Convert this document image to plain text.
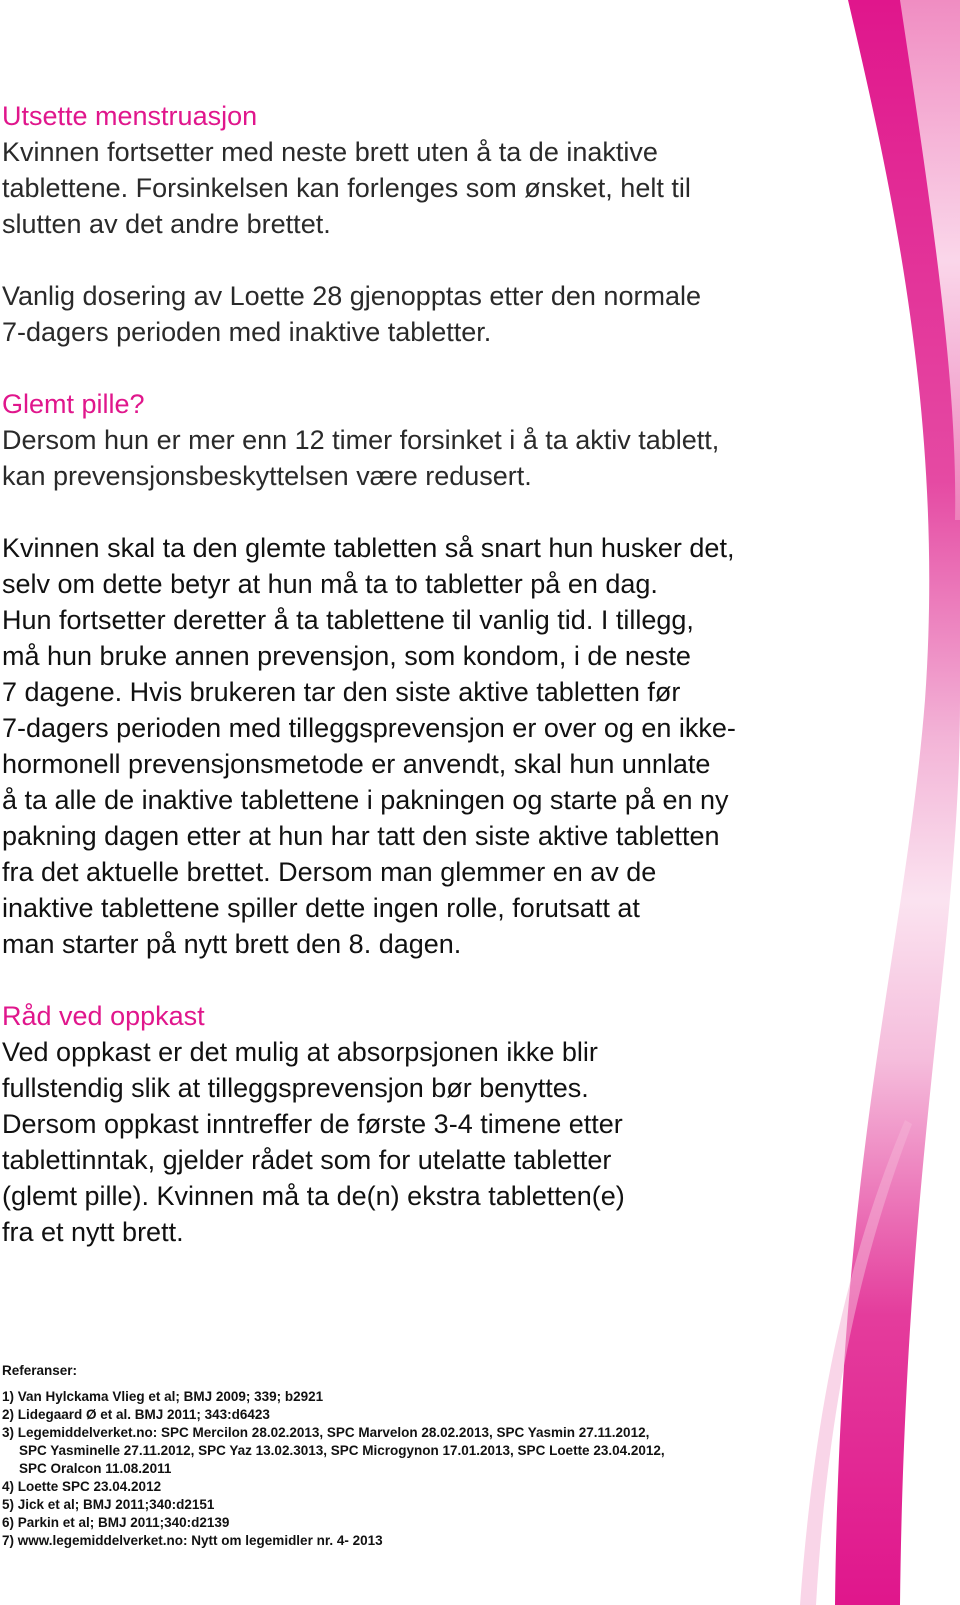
Utsette menstruasjon

Kvinnen fortsetter med neste brett uten å ta de inaktive
tablettene. Forsinkelsen kan forlenges som ønsket, helt til
slutten av det andre brettet.

Vanlig dosering av Loette 28 gjenopptas etter den normale
7-dagers perioden med inaktive tabletter.

Glemt pille?

Dersom hun er mer enn 12 timer forsinket i å ta aktiv tablett,
kan prevensjonsbeskyttelsen være redusert.

Kvinnen skal ta den glemte tabletten så snart hun husker det,
selv om dette betyr at hun må ta to tabletter på en dag.
Hun fortsetter deretter å ta tablettene til vanlig tid. I tillegg,
må hun bruke annen prevensjon, som kondom, i de neste
7 dagene. Hvis brukeren tar den siste aktive tabletten før
7-dagers perioden med tilleggsprevensjon er over og en ikke-
hormonell prevensjonsmetode er anvendt, skal hun unnlate
å ta alle de inaktive tablettene i pakningen og starte på en ny
pakning dagen etter at hun har tatt den siste aktive tabletten
fra det aktuelle brettet. Dersom man glemmer en av de
inaktive tablettene spiller dette ingen rolle, forutsatt at
man starter på nytt brett den 8. dagen.

Råd ved oppkast

Ved oppkast er det mulig at absorpsjonen ikke blir
fullstendig slik at tilleggsprevensjon bør benyttes.
Dersom oppkast inntreffer de første 3-4 timene etter
tablettinntak, gjelder rådet som for utelatte tabletter
(glemt pille). Kvinnen må ta de(n) ekstra tabletten(e)
fra et nytt brett.

Referanser:

1) Van Hylckama Vlieg et al; BMJ 2009; 339; b2921

2) Lidegaard Ø et al. BMJ 2011; 343:d6423

3) Legemiddelverket.no: SPC Mercilon 28.02.2013, SPC Marvelon 28.02.2013, SPC Yasmin 27.11.2012,

SPC Yasminelle 27.11.2012, SPC Yaz 13.02.3013, SPC Microgynon 17.01.2013, SPC Loette 23.04.2012,

SPC Oralcon 11.08.2011

4) Loette SPC 23.04.2012

5) Jick et al; BMJ 2011;340:d2151

6) Parkin et al; BMJ 2011;340:d2139

7) www.legemiddelverket.no: Nytt om legemidler nr. 4- 2013
